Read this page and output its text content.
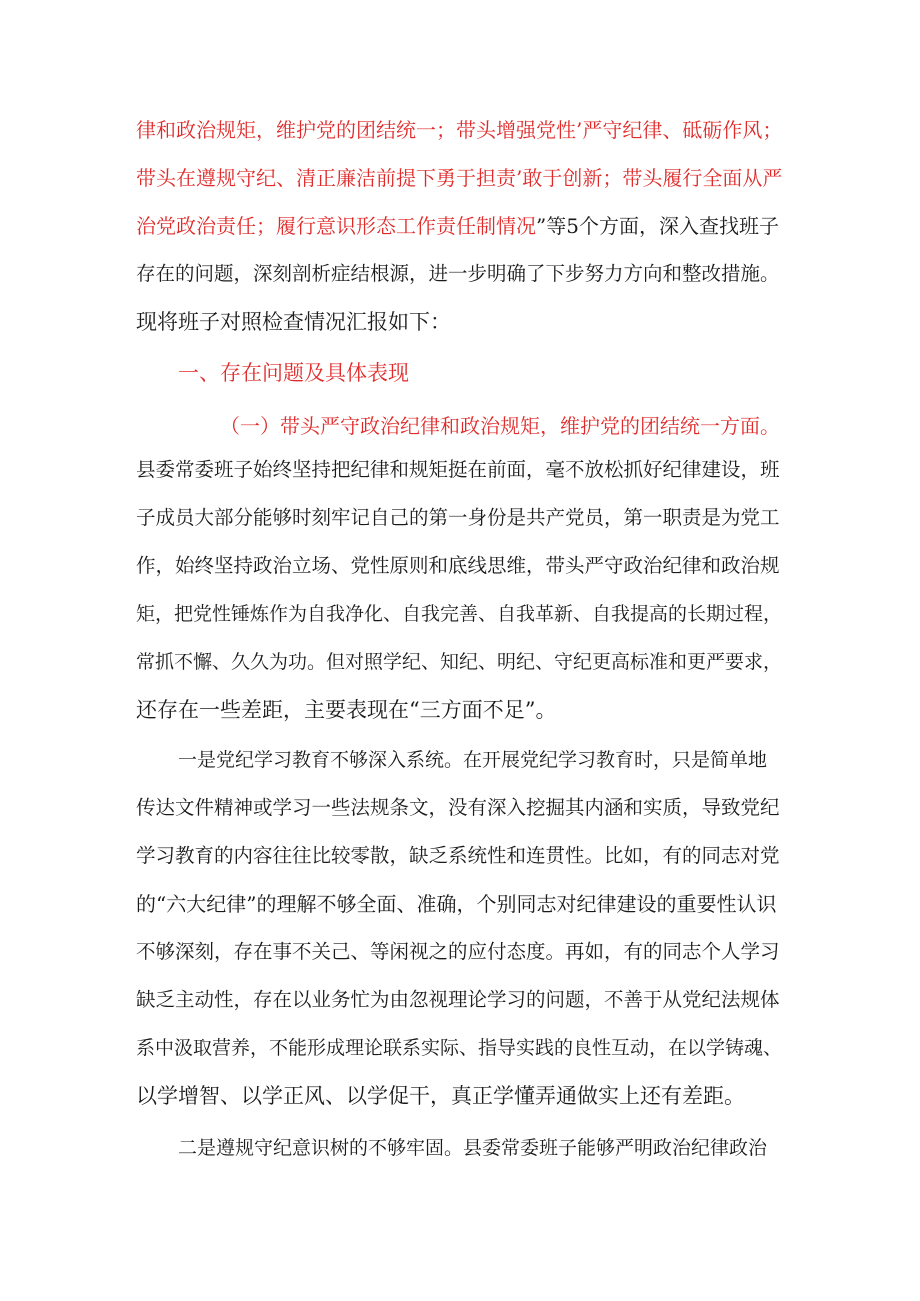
律和政治规矩，维护党的团结统一；带头增强党性’严守纪律、砥砺作风；

带头在遵规守纪、清正廉洁前提下勇于担责’敢于创新；带头履行全面从严

治党政治责任；履行意识形态工作责任制情况”等5个方面，深入查找班子

存在的问题，深刻剖析症结根源，进一步明确了下步努力方向和整改措施。

现将班子对照检查情况汇报如下：

一、存在问题及具体表现

（一）带头严守政治纪律和政治规矩，维护党的团结统一方面。

县委常委班子始终坚持把纪律和规矩挺在前面，毫不放松抓好纪律建设，班

子成员大部分能够时刻牢记自己的第一身份是共产党员，第一职责是为党工

作，始终坚持政治立场、党性原则和底线思维，带头严守政治纪律和政治规

矩，把党性锤炼作为自我净化、自我完善、自我革新、自我提高的长期过程，

常抓不懈、久久为功。但对照学纪、知纪、明纪、守纪更高标准和更严要求，

还存在一些差距，主要表现在“三方面不足”。

一是党纪学习教育不够深入系统。在开展党纪学习教育时，只是简单地

传达文件精神或学习一些法规条文，没有深入挖掘其内涵和实质，导致党纪

学习教育的内容往往比较零散，缺乏系统性和连贯性。比如，有的同志对党

的“六大纪律”的理解不够全面、准确，个别同志对纪律建设的重要性认识

不够深刻，存在事不关己、等闲视之的应付态度。再如，有的同志个人学习

缺乏主动性，存在以业务忙为由忽视理论学习的问题，不善于从党纪法规体

系中汲取营养，不能形成理论联系实际、指导实践的良性互动，在以学铸魂、

以学增智、以学正风、以学促干，真正学懂弄通做实上还有差距。

二是遵规守纪意识树的不够牢固。县委常委班子能够严明政治纪律政治
